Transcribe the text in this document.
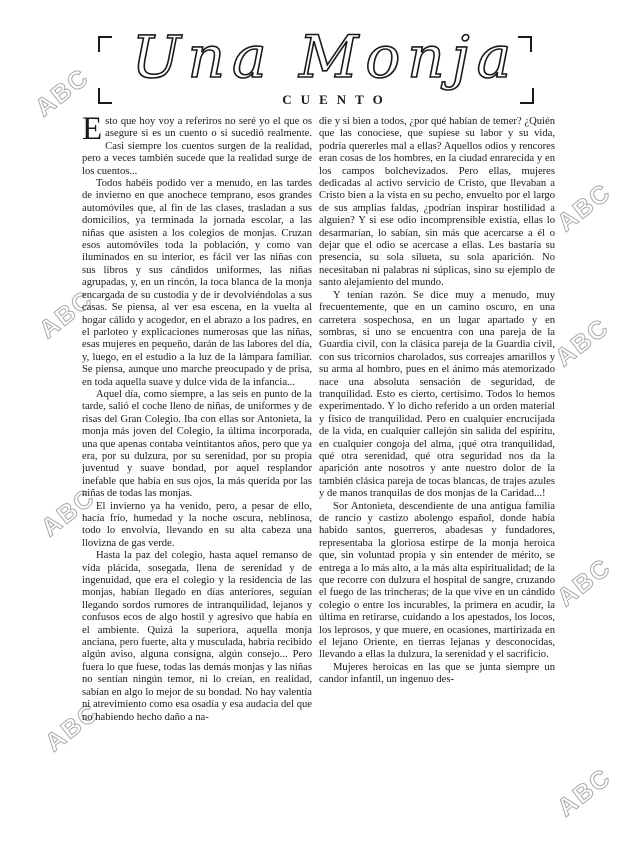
ABC
ABC
ABC
ABC
ABC
ABC
ABC
ABC
Una Monja
CUENTO

Esto que hoy voy a referiros no seré yo el que os asegure si es un cuento o si sucedió realmente. Casi siempre los cuentos surgen de la realidad, pero a veces también sucede que la realidad surge de los cuentos...

Todos habéis podido ver a menudo, en las tardes de invierno en que anochece temprano, esos grandes automóviles que, al fin de las clases, trasladan a sus domicilios, ya terminada la jornada escolar, a las niñas que asisten a los colegios de monjas. Cruzan esos automóviles toda la población, y como van iluminados en su interior, es fácil ver las niñas con sus libros y sus cándidos uniformes, las niñas agrupadas, y, en un rincón, la toca blanca de la monja encargada de su custodia y de ir devolviéndolas a sus casas. Se piensa, al ver esa escena, en la vuelta al hogar cálido y acogedor, en el abrazo a los padres, en el parloteo y explicaciones numerosas que las niñas, esas mujeres en pequeño, darán de las labores del día, y, luego, en el estudio a la luz de la lámpara familiar. Se piensa, aunque uno marche preocupado y de prisa, en toda aquella suave y dulce vida de la infancia...

Aquel día, como siempre, a las seis en punto de la tarde, salió el coche lleno de niñas, de uniformes y de risas del Gran Colegio. Iba con ellas sor Antonieta, la monja más joven del Colegio, la última incorporada, una que apenas contaba veintitantos años, pero que ya era, por su dulzura, por su serenidad, por su propia juventud y suave bondad, por aquel resplandor inefable que había en sus ojos, la más querida por las niñas de todas las monjas.

El invierno ya ha venido, pero, a pesar de ello, hacía frío, humedad y la noche oscura, neblinosa, todo lo envolvía, llevando en su alta cabeza una llovizna de gas verde.

Hasta la paz del colegio, hasta aquel remanso de vida plácida, sosegada, llena de serenidad y de ingenuidad, que era el colegio y la residencia de las monjas, habían llegado en días anteriores, seguían llegando sordos rumores de intranquilidad, lejanos y confusos ecos de algo hostil y agresivo que había en el ambiente. Quizá la superiora, aquella monja anciana, pero fuerte, alta y musculada, habría recibido algún aviso, alguna consigna, algún consejo... Pero fuera lo que fuese, todas las demás monjas y las niñas no sentían ningún temor, ni lo creían, en realidad, sabían en algo lo mejor de su bondad. No hay valentía ni atrevimiento como esa osadía y esa audacia del que no habiendo hecho daño a na-

die y si bien a todos, ¿por qué habían de temer? ¿Quién que las conociese, que supiese su labor y su vida, podría quererles mal a ellas? Aquellos odios y rencores eran cosas de los hombres, en la ciudad enrarecida y en los campos bolchevizados. Pero ellas, mujeres dedicadas al activo servicio de Cristo, que llevaban a Cristo bien a la vista en su pecho, envuelto por el largo de sus amplias faldas, ¿podrían inspirar hostilidad a alguien? Y si ese odio incomprensible existía, ellas lo desarmarían, lo sabían, sin más que acercarse a él o dejar que el odio se acercase a ellas. Les bastaría su presencia, su sola silueta, su sola aparición. No necesitaban ni palabras ni súplicas, sino su ejemplo de santo alejamiento del mundo.

Y tenían razón. Se dice muy a menudo, muy frecuentemente, que en un camino oscuro, en una carretera sospechosa, en un lugar apartado y en sombras, si uno se encuentra con una pareja de la Guardia civil, con la clásica pareja de la Guardia civil, con sus tricornios charolados, sus correajes amarillos y su arma al hombro, pues en el ánimo más atemorizado nace una absoluta sensación de seguridad, de tranquilidad. Esto es cierto, certísimo. Todos lo hemos experimentado. Y lo dicho referido a un orden material y físico de tranquilidad. Pero en cualquier encrucijada de la vida, en cualquier callejón sin salida del espíritu, en cualquier congoja del alma, ¡qué otra tranquilidad, qué otra serenidad, qué otra seguridad nos da la aparición ante nosotros y ante nuestro dolor de la también clásica pareja de tocas blancas, de trajes azules y de manos tranquilas de dos monjas de la Caridad...!

Sor Antonieta, descendiente de una antigua familia de rancio y castizo abolengo español, donde había habido santos, guerreros, abadesas y fundadores, representaba la gloriosa estirpe de la monja heroica que, sin voluntad propia y sin entender de mérito, se entrega a lo más alto, a la más alta espiritualidad; de la que recorre con dulzura el hospital de sangre, cruzando el fuego de las trincheras; de la que vive en un cándido colegio o entre los incurables, la primera en acudir, la última en retirarse, cuidando a los apestados, los locos, los leprosos, y que muere, en ocasiones, martirizada en el lejano Oriente, en tierras lejanas y desconocidas, llevando a ellas la dulzura, la serenidad y el sacrificio.

Mujeres heroicas en las que se junta siempre un candor infantil, un ingenuo des-
